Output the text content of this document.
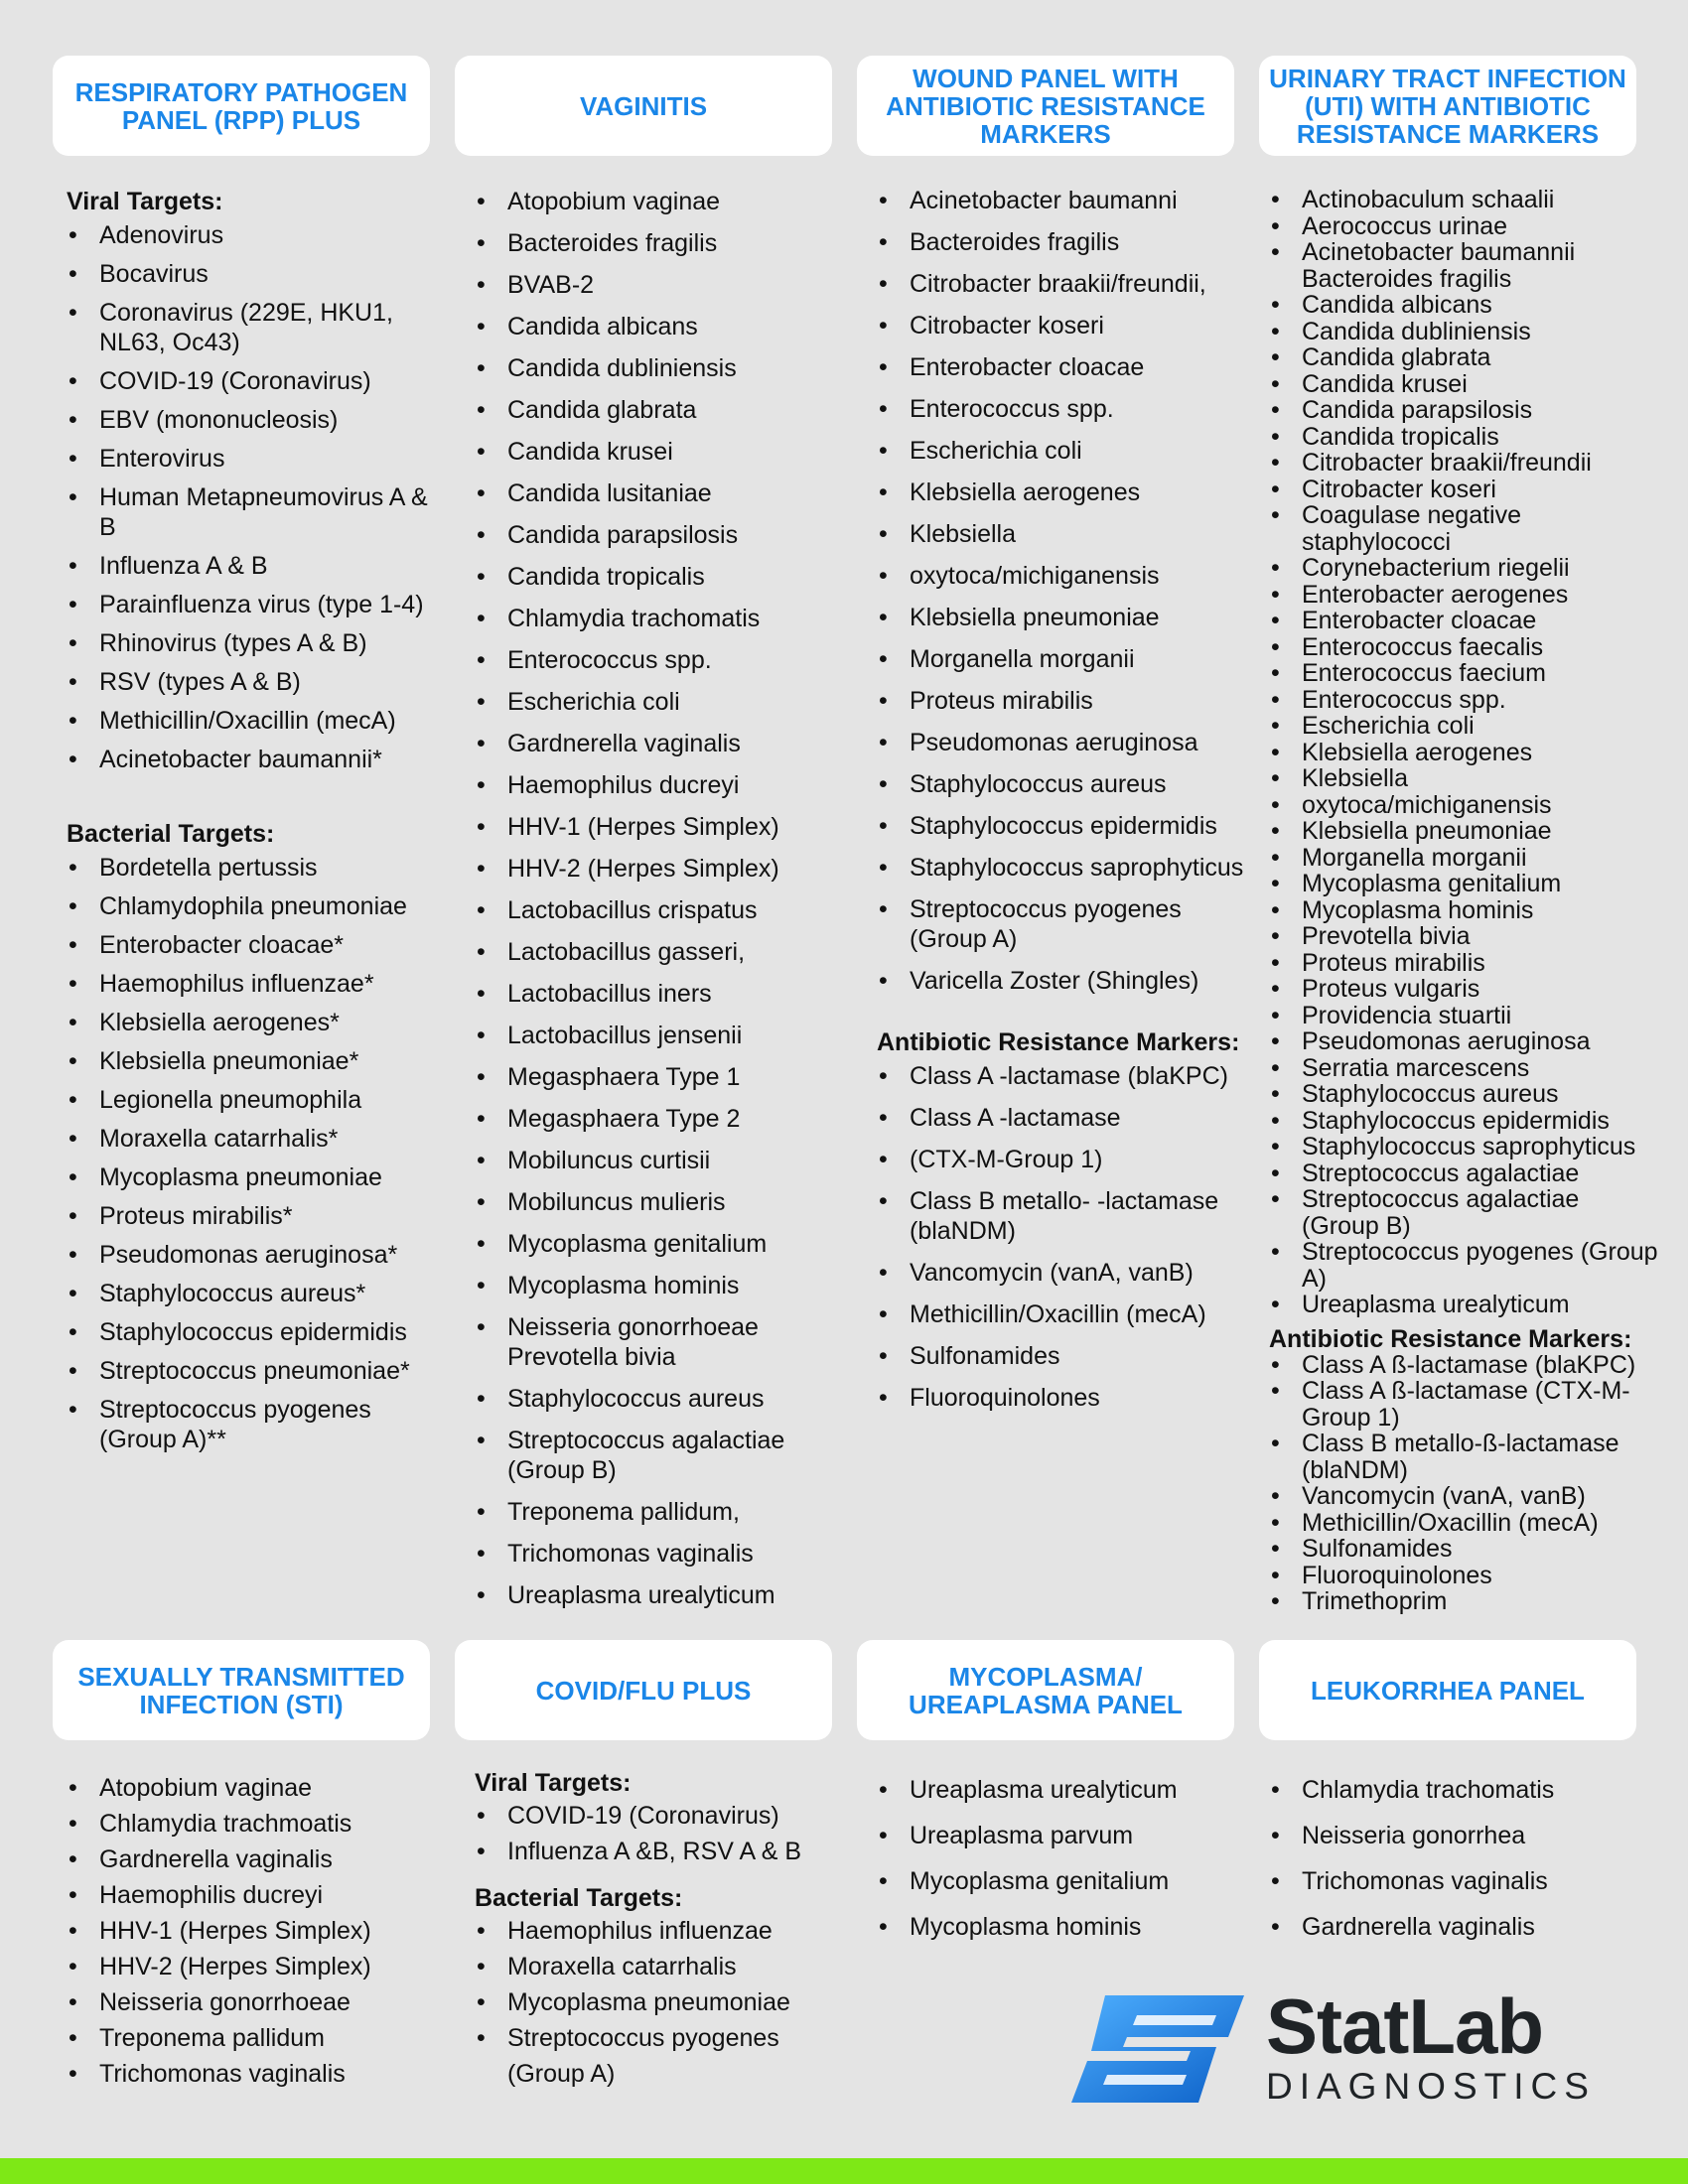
RESPIRATORY PATHOGEN PANEL (RPP) PLUS	VAGINITIS
WOUND PANEL WITH ANTIBIOTIC RESISTANCE MARKERS
URINARY TRACT INFECTION (UTI) WITH ANTIBIOTIC RESISTANCE MARKERS
Viral Targets:
• Adenovirus
• Bocavirus
• Coronavirus (229E, HKU1, NL63, Oc43)
• COVID-19 (Coronavirus)
• EBV (mononucleosis)
• Enterovirus
• Human Metapneumovirus A & B
• Influenza A & B
• Parainfluenza virus (type 1-4)
• Rhinovirus (types A & B)
• RSV (types A & B)
• Methicillin/Oxacillin (mecA)
• Acinetobacter baumannii*
Bacterial Targets:
• Bordetella pertussis
• Chlamydophila pneumoniae
• Enterobacter cloacae*
• Haemophilus influenzae*
• Klebsiella aerogenes*
• Klebsiella pneumoniae*
• Legionella pneumophila
• Moraxella catarrhalis*
• Mycoplasma pneumoniae
• Proteus mirabilis*
• Pseudomonas aeruginosa*
• Staphylococcus aureus*
• Staphylococcus epidermidis
• Streptococcus pneumoniae*
• Streptococcus pyogenes (Group A)**
• Atopobium vaginae
• Bacteroides fragilis
• BVAB-2
• Candida albicans
• Candida dubliniensis
• Candida glabrata
• Candida krusei
• Candida lusitaniae
• Candida parapsilosis
• Candida tropicalis
• Chlamydia trachomatis
• Enterococcus spp.
• Escherichia coli
• Gardnerella vaginalis
• Haemophilus ducreyi
• HHV-1 (Herpes Simplex)
• HHV-2 (Herpes Simplex)
• Lactobacillus crispatus
• Lactobacillus gasseri,
• Lactobacillus iners
• Lactobacillus jensenii
• Megasphaera Type 1
• Megasphaera Type 2
• Mobiluncus curtisii
• Mobiluncus mulieris
• Mycoplasma genitalium
• Mycoplasma hominis
• Neisseria gonorrhoeae Prevotella bivia
• Staphylococcus aureus
• Streptococcus agalactiae (Group B)
• Treponema pallidum,
• Trichomonas vaginalis
• Ureaplasma urealyticum
• Acinetobacter baumanni
• Bacteroides fragilis
• Citrobacter braakii/freundii,
• Citrobacter koseri
• Enterobacter cloacae
• Enterococcus spp.
• Escherichia coli
• Klebsiella aerogenes
• Klebsiella
• oxytoca/michiganensis
• Klebsiella pneumoniae
• Morganella morganii
• Proteus mirabilis
• Pseudomonas aeruginosa
• Staphylococcus aureus
• Staphylococcus epidermidis
• Staphylococcus saprophyticus
• Streptococcus pyogenes (Group A)
• Varicella Zoster (Shingles)
Antibiotic Resistance Markers:
• Class A -lactamase (blaKPC)
• Class A -lactamase
• (CTX-M-Group 1)
• Class B metallo- -lactamase (blaNDM)
• Vancomycin (vanA, vanB)
• Methicillin/Oxacillin (mecA)
• Sulfonamides
• Fluoroquinolones
• Actinobaculum schaalii
• Aerococcus urinae
• Acinetobacter baumannii Bacteroides fragilis
• Candida albicans
• Candida dubliniensis
• Candida glabrata
• Candida krusei
• Candida parapsilosis
• Candida tropicalis
• Citrobacter braakii/freundii
• Citrobacter koseri
• Coagulase negative staphylococci
• Corynebacterium riegelii
• Enterobacter aerogenes
• Enterobacter cloacae
• Enterococcus faecalis
• Enterococcus faecium
• Enterococcus spp.
• Escherichia coli
• Klebsiella aerogenes
• Klebsiella
• oxytoca/michiganensis
• Klebsiella pneumoniae
• Morganella morganii
• Mycoplasma genitalium
• Mycoplasma hominis
• Prevotella bivia
• Proteus mirabilis
• Proteus vulgaris
• Providencia stuartii
• Pseudomonas aeruginosa
• Serratia marcescens
• Staphylococcus aureus
• Staphylococcus epidermidis
• Staphylococcus saprophyticus
• Streptococcus agalactiae
• Streptococcus agalactiae (Group B)
• Streptococcus pyogenes (Group A)
• Ureaplasma urealyticum
Antibiotic Resistance Markers:
• Class A ß-lactamase (blaKPC)
• Class A ß-lactamase (CTX-M-Group 1)
• Class B metallo-ß-lactamase (blaNDM)
• Vancomycin (vanA, vanB)
• Methicillin/Oxacillin (mecA)
• Sulfonamides
• Fluoroquinolones
• Trimethoprim
SEXUALLY TRANSMITTED INFECTION (STI)	COVID/FLU PLUS	MYCOPLASMA/ UREAPLASMA PANEL	LEUKORRHEA PANEL
• Atopobium vaginae
• Chlamydia trachmoatis
• Gardnerella vaginalis
• Haemophilis ducreyi
• HHV-1 (Herpes Simplex)
• HHV-2 (Herpes Simplex)
• Neisseria gonorrhoeae
• Treponema pallidum
• Trichomonas vaginalis
Viral Targets:
• COVID-19 (Coronavirus)
• Influenza A &B, RSV A & B
Bacterial Targets:
• Haemophilus influenzae
• Moraxella catarrhalis
• Mycoplasma pneumoniae
• Streptococcus pyogenes (Group A)
• Ureaplasma urealyticum
• Ureaplasma parvum
• Mycoplasma genitalium
• Mycoplasma hominis
• Chlamydia trachomatis
• Neisseria gonorrhea
• Trichomonas vaginalis
• Gardnerella vaginalis
StatLab
DIAGNOSTICS
